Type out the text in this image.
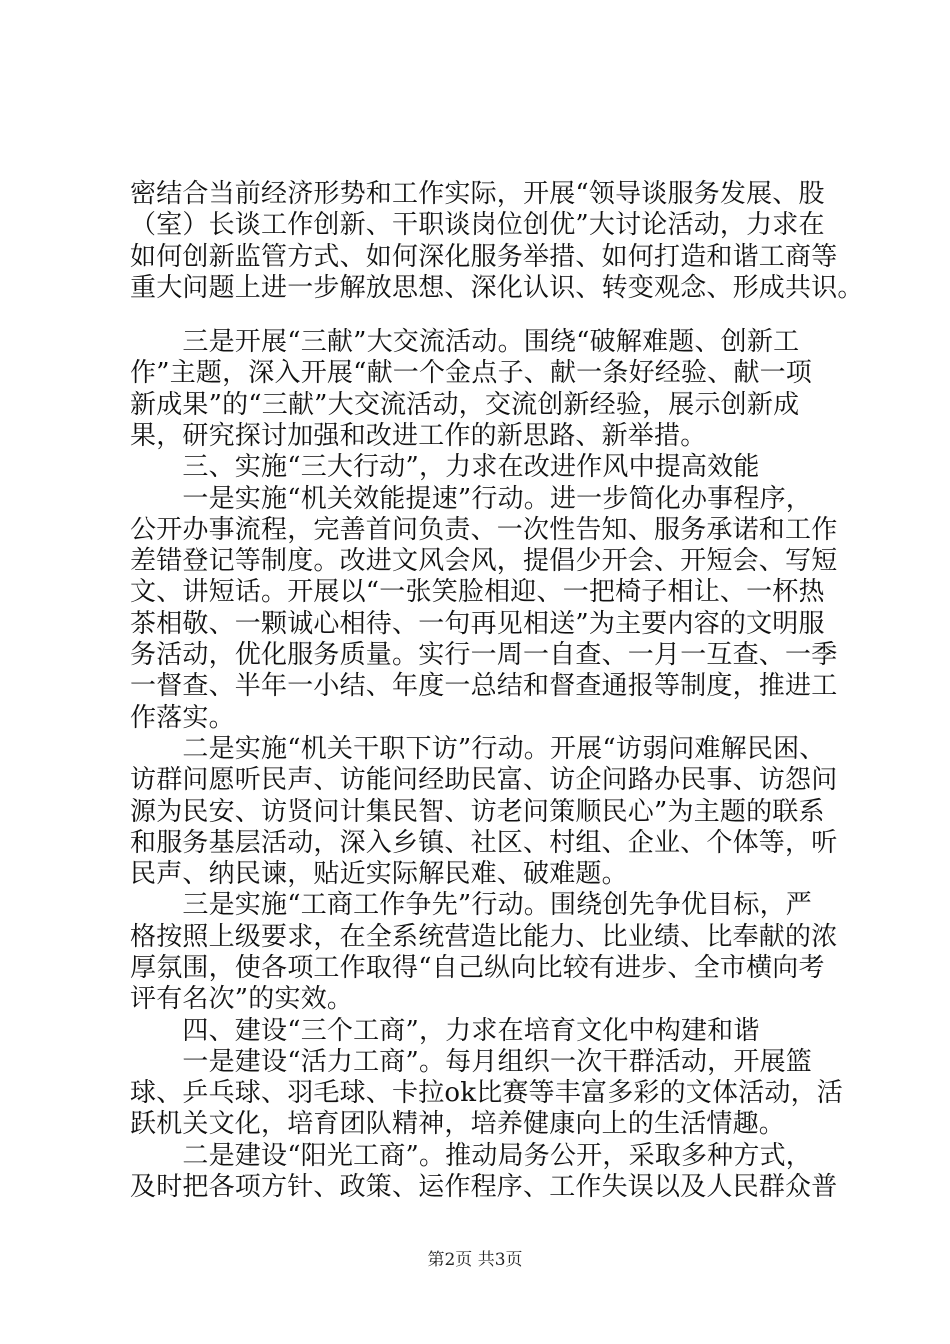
密结合当前经济形势和工作实际，开展“领导谈服务发展、股
（室）长谈工作创新、干职谈岗位创优”大讨论活动，力求在
如何创新监管方式、如何深化服务举措、如何打造和谐工商等
重大问题上进一步解放思想、深化认识、转变观念、形成共识。
　　三是开展“三献”大交流活动。围绕“破解难题、创新工
作”主题，深入开展“献一个金点子、献一条好经验、献一项
新成果”的“三献”大交流活动，交流创新经验，展示创新成
果，研究探讨加强和改进工作的新思路、新举措。
　　三、实施“三大行动”，力求在改进作风中提高效能
　　一是实施“机关效能提速”行动。进一步简化办事程序，
公开办事流程，完善首问负责、一次性告知、服务承诺和工作
差错登记等制度。改进文风会风，提倡少开会、开短会、写短
文、讲短话。开展以“一张笑脸相迎、一把椅子相让、一杯热
茶相敬、一颗诚心相待、一句再见相送”为主要内容的文明服
务活动，优化服务质量。实行一周一自查、一月一互查、一季
一督查、半年一小结、年度一总结和督查通报等制度，推进工
作落实。
　　二是实施“机关干职下访”行动。开展“访弱问难解民困、
访群问愿听民声、访能问经助民富、访企问路办民事、访怨问
源为民安、访贤问计集民智、访老问策顺民心”为主题的联系
和服务基层活动，深入乡镇、社区、村组、企业、个体等，听
民声、纳民谏，贴近实际解民难、破难题。
　　三是实施“工商工作争先”行动。围绕创先争优目标，严
格按照上级要求，在全系统营造比能力、比业绩、比奉献的浓
厚氛围，使各项工作取得“自己纵向比较有进步、全市横向考
评有名次”的实效。
　　四、建设“三个工商”，力求在培育文化中构建和谐
　　一是建设“活力工商”。每月组织一次干群活动，开展篮
球、乒乓球、羽毛球、卡拉ok比赛等丰富多彩的文体活动，活
跃机关文化，培育团队精神，培养健康向上的生活情趣。
　　二是建设“阳光工商”。推动局务公开，采取多种方式，
及时把各项方针、政策、运作程序、工作失误以及人民群众普
第2页 共3页
